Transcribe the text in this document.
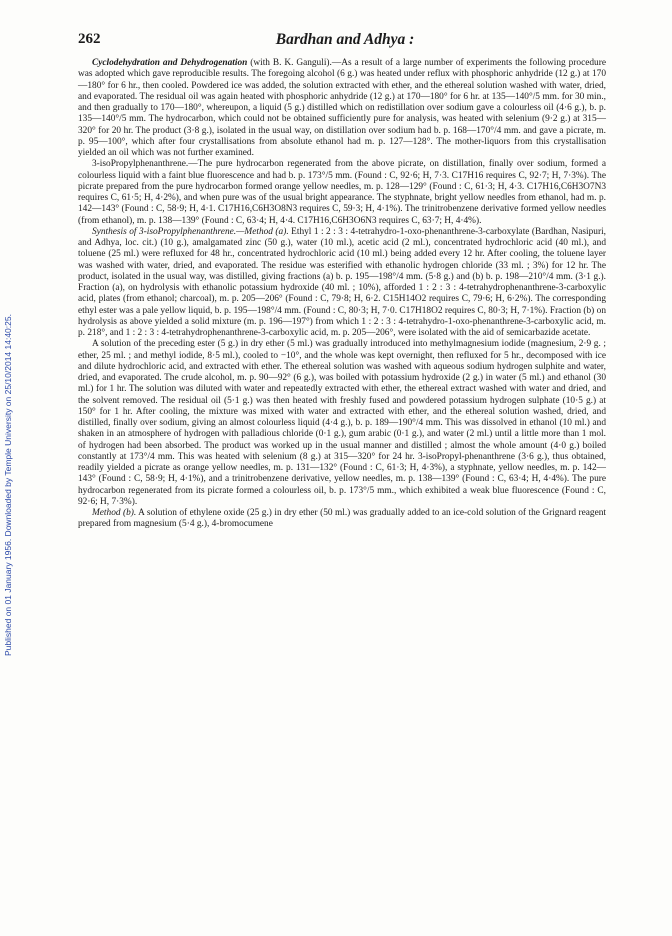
262	Bardhan and Adhya :
Published on 01 January 1956. Downloaded by Temple University on 25/10/2014 14:40:25.

Cyclodehydration and Dehydrogenation (with B. K. Ganguli).—As a result of a large number of experiments the following procedure was adopted which gave reproducible results. The foregoing alcohol (6 g.) was heated under reflux with phosphoric anhydride (12 g.) at 170—180° for 6 hr., then cooled. Powdered ice was added, the solution extracted with ether, and the ethereal solution washed with water, dried, and evaporated. The residual oil was again heated with phosphoric anhydride (12 g.) at 170—180° for 6 hr. at 135—140°/5 mm. for 30 min., and then gradually to 170—180°, whereupon, a liquid (5 g.) distilled which on redistillation over sodium gave a colourless oil (4·6 g.), b. p. 135—140°/5 mm. The hydrocarbon, which could not be obtained sufficiently pure for analysis, was heated with selenium (9·2 g.) at 315—320° for 20 hr. The product (3·8 g.), isolated in the usual way, on distillation over sodium had b. p. 168—170°/4 mm. and gave a picrate, m. p. 95—100°, which after four crystallisations from absolute ethanol had m. p. 127—128°. The mother-liquors from this crystallisation yielded an oil which was not further examined.

3-isoPropylphenanthrene.—The pure hydrocarbon regenerated from the above picrate, on distillation, finally over sodium, formed a colourless liquid with a faint blue fluorescence and had b. p. 173°/5 mm. (Found : C, 92·6; H, 7·3. C17H16 requires C, 92·7; H, 7·3%). The picrate prepared from the pure hydrocarbon formed orange yellow needles, m. p. 128—129° (Found : C, 61·3; H, 4·3. C17H16,C6H3O7N3 requires C, 61·5; H, 4·2%), and when pure was of the usual bright appearance. The styphnate, bright yellow needles from ethanol, had m. p. 142—143° (Found : C, 58·9; H, 4·1. C17H16,C6H3O8N3 requires C, 59·3; H, 4·1%). The trinitrobenzene derivative formed yellow needles (from ethanol), m. p. 138—139° (Found : C, 63·4; H, 4·4. C17H16,C6H3O6N3 requires C, 63·7; H, 4·4%).

Synthesis of 3-isoPropylphenanthrene.—Method (a). Ethyl 1 : 2 : 3 : 4-tetrahydro-1-oxo-phenanthrene-3-carboxylate (Bardhan, Nasipuri, and Adhya, loc. cit.) (10 g.), amalgamated zinc (50 g.), water (10 ml.), acetic acid (2 ml.), concentrated hydrochloric acid (40 ml.), and toluene (25 ml.) were refluxed for 48 hr., concentrated hydrochloric acid (10 ml.) being added every 12 hr. After cooling, the toluene layer was washed with water, dried, and evaporated. The residue was esterified with ethanolic hydrogen chloride (33 ml. ; 3%) for 12 hr. The product, isolated in the usual way, was distilled, giving fractions (a) b. p. 195—198°/4 mm. (5·8 g.) and (b) b. p. 198—210°/4 mm. (3·1 g.). Fraction (a), on hydrolysis with ethanolic potassium hydroxide (40 ml. ; 10%), afforded 1 : 2 : 3 : 4-tetrahydrophenanthrene-3-carboxylic acid, plates (from ethanol; charcoal), m. p. 205—206° (Found : C, 79·8; H, 6·2. C15H14O2 requires C, 79·6; H, 6·2%). The corresponding ethyl ester was a pale yellow liquid, b. p. 195—198°/4 mm. (Found : C, 80·3; H, 7·0. C17H18O2 requires C, 80·3; H, 7·1%). Fraction (b) on hydrolysis as above yielded a solid mixture (m. p. 196—197°) from which 1 : 2 : 3 : 4-tetrahydro-1-oxo-phenanthrene-3-carboxylic acid, m. p. 218°, and 1 : 2 : 3 : 4-tetrahydrophenanthrene-3-carboxylic acid, m. p. 205—206°, were isolated with the aid of semicarbazide acetate.

A solution of the preceding ester (5 g.) in dry ether (5 ml.) was gradually introduced into methylmagnesium iodide (magnesium, 2·9 g. ; ether, 25 ml. ; and methyl iodide, 8·5 ml.), cooled to −10°, and the whole was kept overnight, then refluxed for 5 hr., decomposed with ice and dilute hydrochloric acid, and extracted with ether. The ethereal solution was washed with aqueous sodium hydrogen sulphite and water, dried, and evaporated. The crude alcohol, m. p. 90—92° (6 g.), was boiled with potassium hydroxide (2 g.) in water (5 ml.) and ethanol (30 ml.) for 1 hr. The solution was diluted with water and repeatedly extracted with ether, the ethereal extract washed with water and dried, and the solvent removed. The residual oil (5·1 g.) was then heated with freshly fused and powdered potassium hydrogen sulphate (10·5 g.) at 150° for 1 hr. After cooling, the mixture was mixed with water and extracted with ether, and the ethereal solution washed, dried, and distilled, finally over sodium, giving an almost colourless liquid (4·4 g.), b. p. 189—190°/4 mm. This was dissolved in ethanol (10 ml.) and shaken in an atmosphere of hydrogen with palladious chloride (0·1 g.), gum arabic (0·1 g.), and water (2 ml.) until a little more than 1 mol. of hydrogen had been absorbed. The product was worked up in the usual manner and distilled ; almost the whole amount (4·0 g.) boiled constantly at 173°/4 mm. This was heated with selenium (8 g.) at 315—320° for 24 hr. 3-isoPropyl-phenanthrene (3·6 g.), thus obtained, readily yielded a picrate as orange yellow needles, m. p. 131—132° (Found : C, 61·3; H, 4·3%), a styphnate, yellow needles, m. p. 142—143° (Found : C, 58·9; H, 4·1%), and a trinitrobenzene derivative, yellow needles, m. p. 138—139° (Found : C, 63·4; H, 4·4%). The pure hydrocarbon regenerated from its picrate formed a colourless oil, b. p. 173°/5 mm., which exhibited a weak blue fluorescence (Found : C, 92·6; H, 7·3%).

Method (b). A solution of ethylene oxide (25 g.) in dry ether (50 ml.) was gradually added to an ice-cold solution of the Grignard reagent prepared from magnesium (5·4 g.), 4-bromocumene
